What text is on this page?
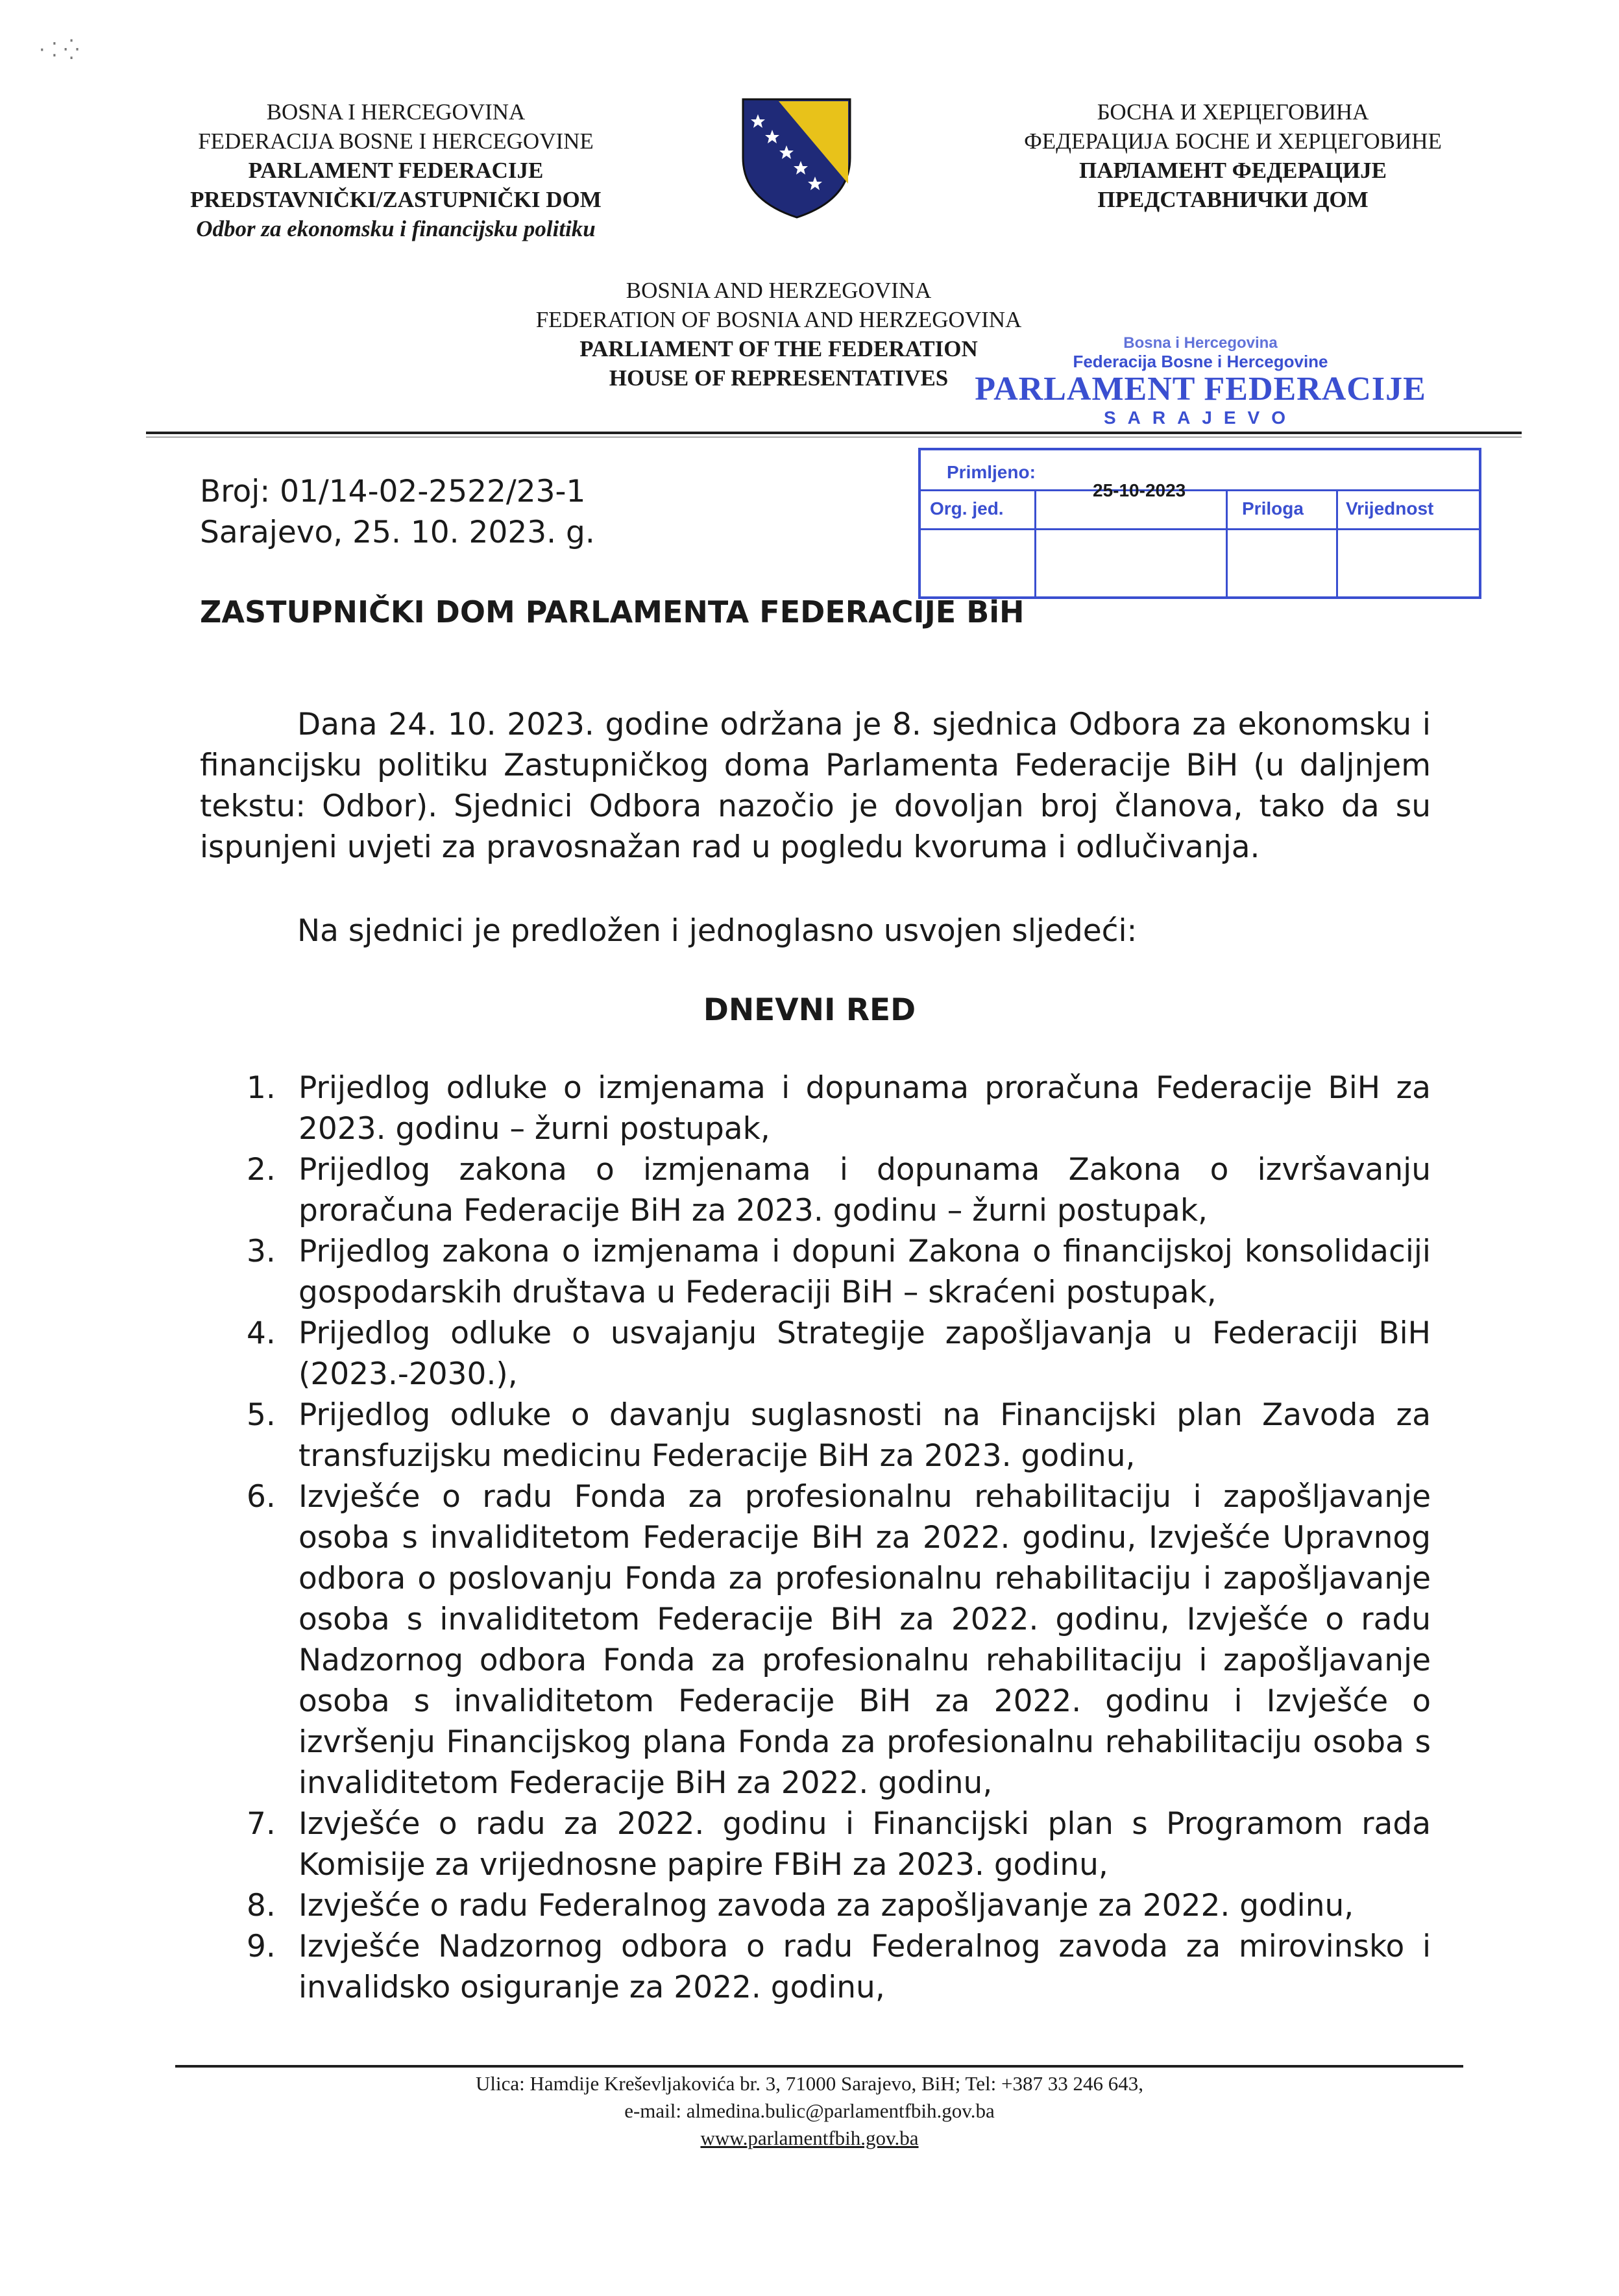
· ⁚ ⁛
BOSNA I HERCEGOVINA
FEDERACIJA BOSNE I HERCEGOVINE
PARLAMENT FEDERACIJE
PREDSTAVNIČKI/ZASTUPNIČKI DOM
Odbor za ekonomsku i financijsku politiku
БОСНА И ХЕРЦЕГОВИНА
ФЕДЕРАЦИЈА БОСНЕ И ХЕРЦЕГОВИНЕ
ПАРЛАМЕНТ ФЕДЕРАЦИЈЕ
ПРЕДСТАВНИЧКИ ДОМ
BOSNIA AND HERZEGOVINA
FEDERATION OF BOSNIA AND HERZEGOVINA
PARLIAMENT OF THE FEDERATION
HOUSE OF REPRESENTATIVES
Bosna i Hercegovina
Federacija Bosne i Hercegovine
PARLAMENT FEDERACIJE
SARAJEVO
Primljeno:
Org. jed.
25-10-2023
Priloga Vrijednost
Broj: 01/14-02-2522/23-1
Sarajevo, 25. 10. 2023. g.
ZASTUPNIČKI DOM PARLAMENTA FEDERACIJE BiH
Dana 24. 10. 2023. godine održana je 8. sjednica Odbora za ekonomsku i financijsku politiku Zastupničkog doma Parlamenta Federacije BiH (u daljnjem tekstu: Odbor). Sjednici Odbora nazočio je dovoljan broj članova, tako da su ispunjeni uvjeti za pravosnažan rad u pogledu kvoruma i odlučivanja.
Na sjednici je predložen i jednoglasno usvojen sljedeći:
DNEVNI RED
1. Prijedlog odluke o izmjenama i dopunama proračuna Federacije BiH za 2023. godinu – žurni postupak,
2. Prijedlog zakona o izmjenama i dopunama Zakona o izvršavanju proračuna Federacije BiH za 2023. godinu – žurni postupak,
3. Prijedlog zakona o izmjenama i dopuni Zakona o financijskoj konsolidaciji gospodarskih društava u Federaciji BiH – skraćeni postupak,
4. Prijedlog odluke o usvajanju Strategije zapošljavanja u Federaciji BiH (2023.-2030.),
5. Prijedlog odluke o davanju suglasnosti na Financijski plan Zavoda za transfuzijsku medicinu Federacije BiH za 2023. godinu,
6. Izvješće o radu Fonda za profesionalnu rehabilitaciju i zapošljavanje osoba s invaliditetom Federacije BiH za 2022. godinu, Izvješće Upravnog odbora o poslovanju Fonda za profesionalnu rehabilitaciju i zapošljavanje osoba s invaliditetom Federacije BiH za 2022. godinu, Izvješće o radu Nadzornog odbora Fonda za profesionalnu rehabilitaciju i zapošljavanje osoba s invaliditetom Federacije BiH za 2022. godinu i Izvješće o izvršenju Financijskog plana Fonda za profesionalnu rehabilitaciju osoba s invaliditetom Federacije BiH za 2022. godinu,
7. Izvješće o radu za 2022. godinu i Financijski plan s Programom rada Komisije za vrijednosne papire FBiH za 2023. godinu,
8. Izvješće o radu Federalnog zavoda za zapošljavanje za 2022. godinu,
9. Izvješće Nadzornog odbora o radu Federalnog zavoda za mirovinsko i invalidsko osiguranje za 2022. godinu,
Ulica: Hamdije Kreševljakovića br. 3, 71000 Sarajevo, BiH; Tel: +387 33 246 643,
e-mail: almedina.bulic@parlamentfbih.gov.ba
www.parlamentfbih.gov.ba
